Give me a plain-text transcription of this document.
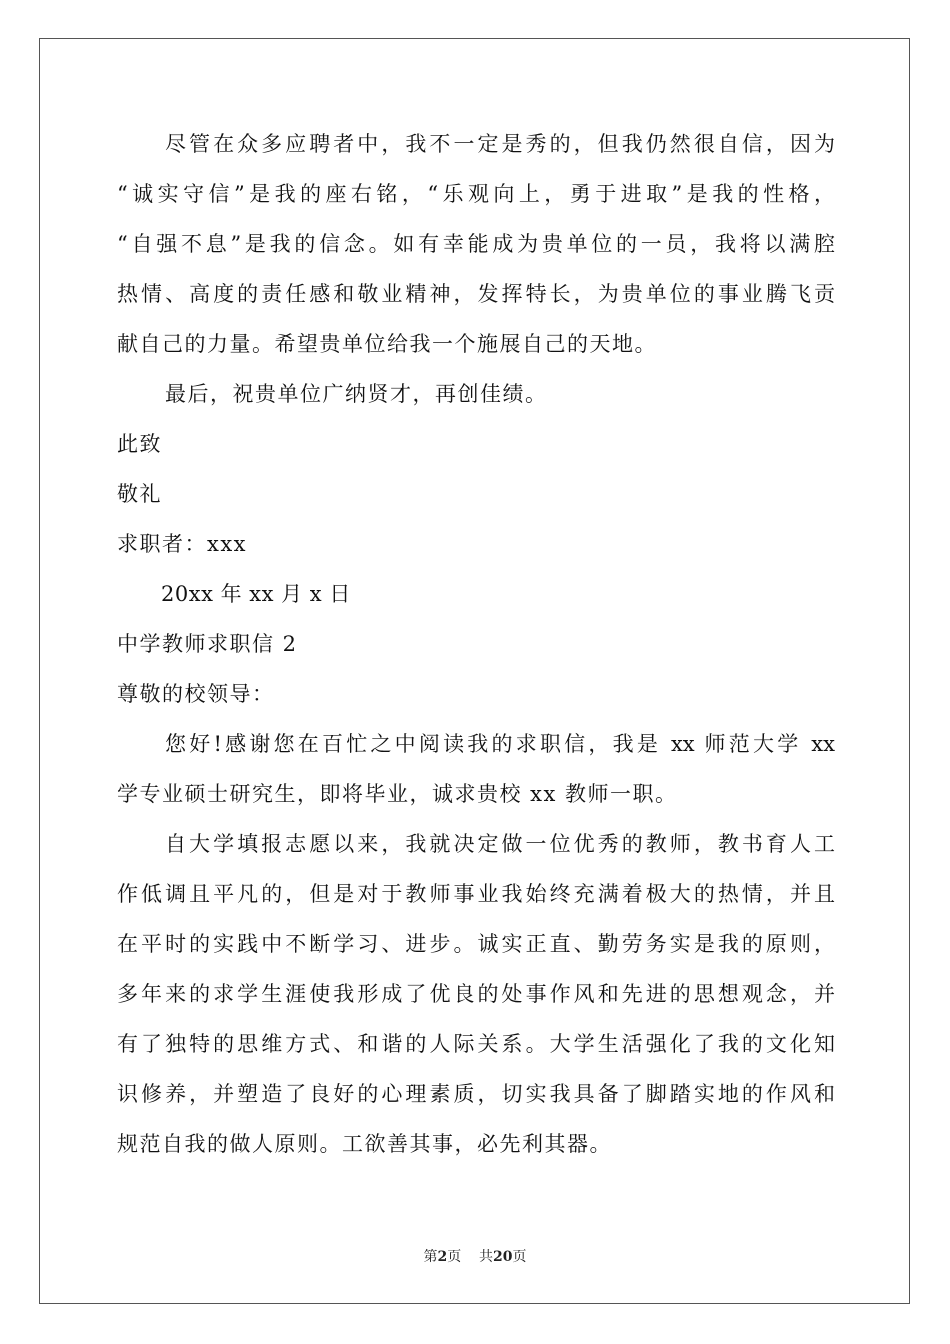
尽管在众多应聘者中，我不一定是秀的，但我仍然很自信，因为
“诚实守信”是我的座右铭，“乐观向上，勇于进取”是我的性格，
“自强不息”是我的信念。如有幸能成为贵单位的一员，我将以满腔
热情、高度的责任感和敬业精神，发挥特长，为贵单位的事业腾飞贡
献自己的力量。希望贵单位给我一个施展自己的天地。
最后，祝贵单位广纳贤才，再创佳绩。
此致
敬礼
求职者：xxx
20xx 年 xx 月 x 日
中学教师求职信 2
尊敬的校领导：
您好!感谢您在百忙之中阅读我的求职信，我是 xx 师范大学 xx
学专业硕士研究生，即将毕业，诚求贵校 xx 教师一职。
自大学填报志愿以来，我就决定做一位优秀的教师，教书育人工
作低调且平凡的，但是对于教师事业我始终充满着极大的热情，并且
在平时的实践中不断学习、进步。诚实正直、勤劳务实是我的原则，
多年来的求学生涯使我形成了优良的处事作风和先进的思想观念，并
有了独特的思维方式、和谐的人际关系。大学生活强化了我的文化知
识修养，并塑造了良好的心理素质，切实我具备了脚踏实地的作风和
规范自我的做人原则。工欲善其事，必先利其器。
第2页    共20页
